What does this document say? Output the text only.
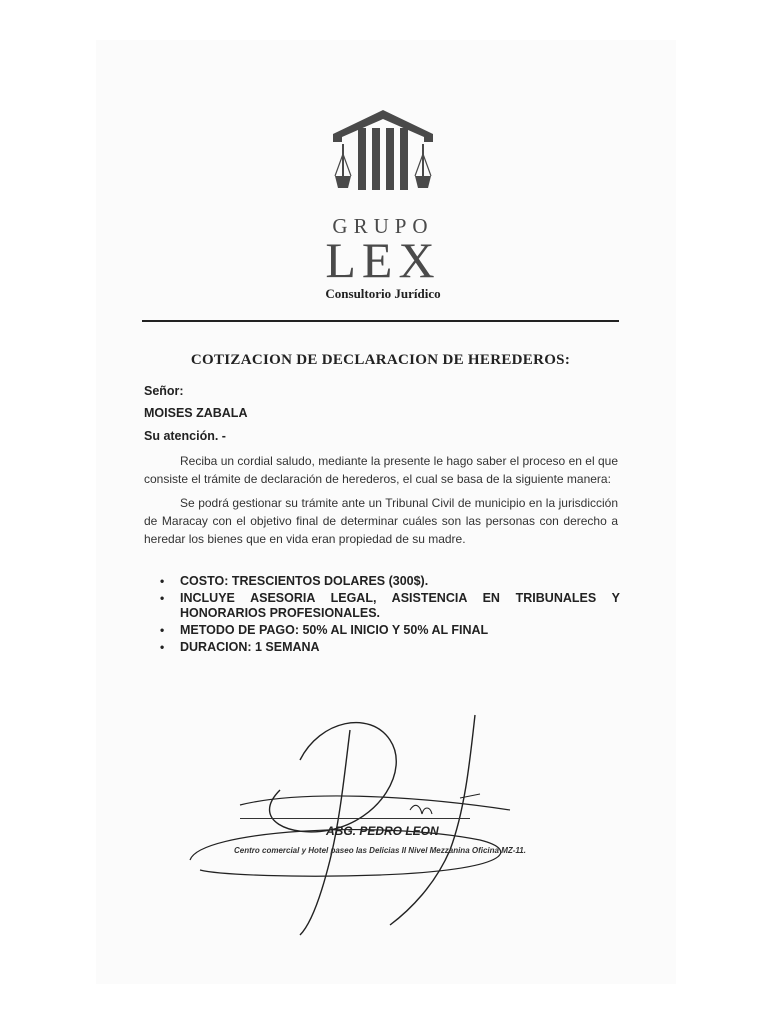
GRUPO
LEX
Consultorio Jurídico
COTIZACION DE DECLARACION DE HEREDEROS:
Señor:
MOISES ZABALA
Su atención. -
Reciba un cordial saludo, mediante la presente le hago saber el proceso en el que consiste el trámite de declaración de herederos, el cual se basa de la siguiente manera:
Se podrá gestionar su trámite ante un Tribunal Civil de municipio en la jurisdicción de Maracay con el objetivo final de determinar cuáles son las personas con derecho a heredar los bienes que en vida eran propiedad de su madre.
• COSTO: TRESCIENTOS DOLARES (300$).
• INCLUYE ASESORIA LEGAL, ASISTENCIA EN TRIBUNALES Y HONORARIOS PROFESIONALES.
• METODO DE PAGO: 50% AL INICIO Y 50% AL FINAL
• DURACION: 1 SEMANA
ABG. PEDRO LEON
Centro comercial y Hotel paseo las Delicias II Nivel Mezzanina Oficina MZ-11.
